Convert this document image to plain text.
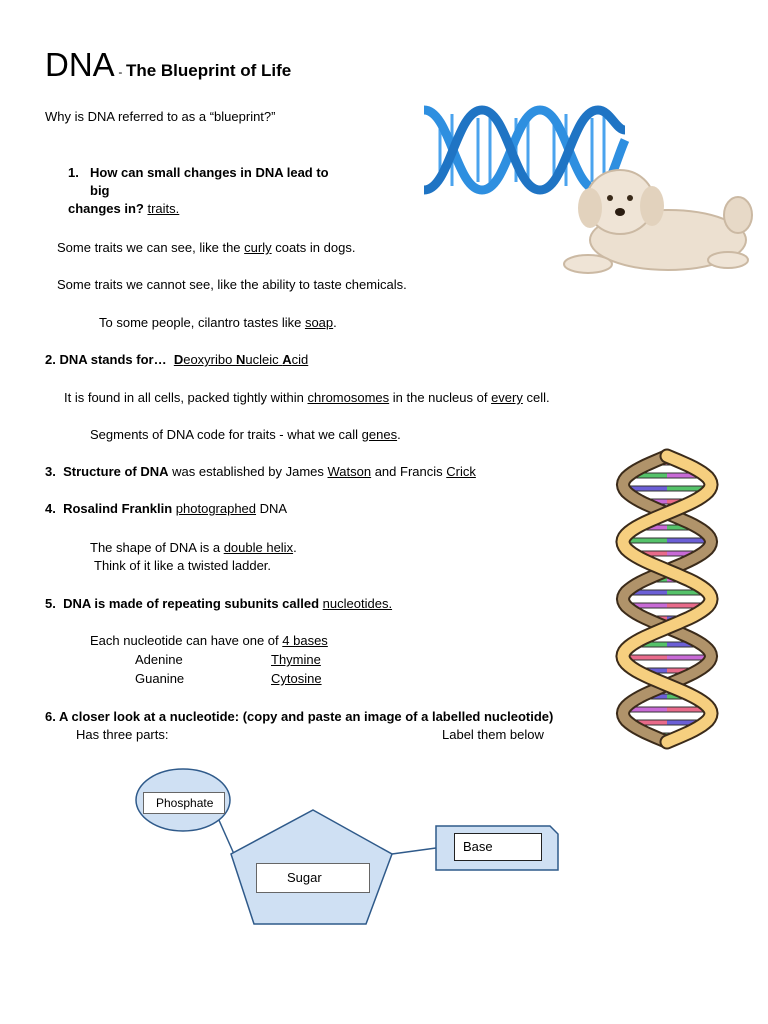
DNA - The Blueprint of Life
Why is DNA referred to as a “blueprint?”
1. How can small changes in DNA lead to
big
changes in? traits.
Some traits we can see, like the curly coats in dogs.
Some traits we cannot see, like the ability to taste chemicals.
To some people, cilantro tastes like soap.
2. DNA stands for… Deoxyribo Nucleic Acid
It is found in all cells, packed tightly within chromosomes in the nucleus of every cell.
Segments of DNA code for traits - what we call genes.
3. Structure of DNA was established by James Watson and Francis Crick
4. Rosalind Franklin photographed DNA
The shape of DNA is a double helix.
Think of it like a twisted ladder.
5. DNA is made of repeating subunits called nucleotides.
Each nucleotide can have one of 4 bases
Adenine	Thymine
Guanine	Cytosine
6. A closer look at a nucleotide: (copy and paste an image of a labelled nucleotide)
Has three parts:	Label them below
Phosphate
Sugar
Base
